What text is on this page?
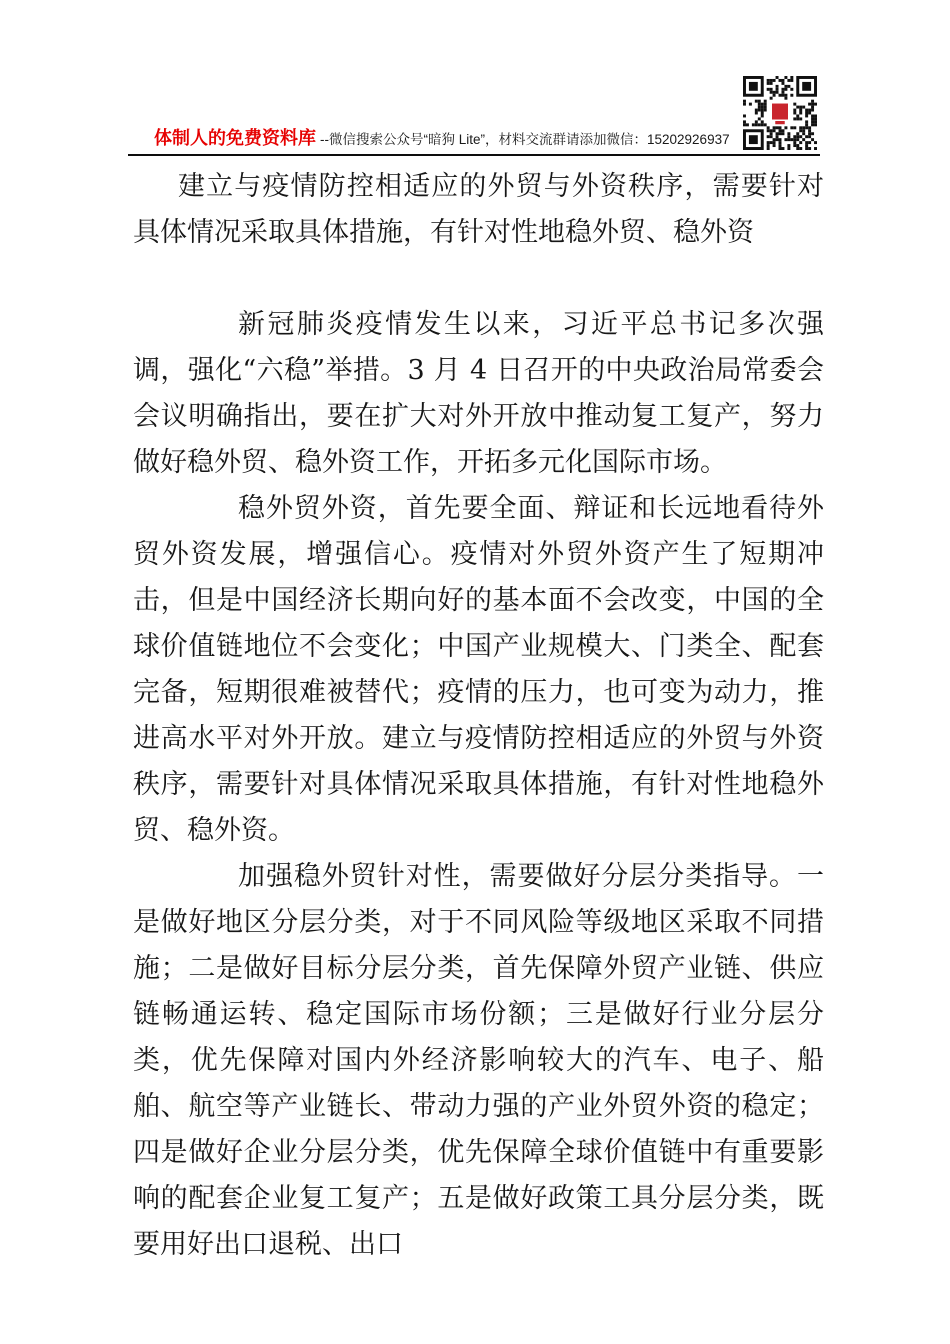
体制人的免费资料库 --微信搜索公众号“暗狗 Lite”，材料交流群请添加微信：15202926937

建立与疫情防控相适应的外贸与外资秩序，需要针对具体情况采取具体措施，有针对性地稳外贸、稳外资

新冠肺炎疫情发生以来，习近平总书记多次强调，强化“六稳”举措。3 月 4 日召开的中央政治局常委会会议明确指出，要在扩大对外开放中推动复工复产，努力做好稳外贸、稳外资工作，开拓多元化国际市场。

稳外贸外资，首先要全面、辩证和长远地看待外贸外资发展，增强信心。疫情对外贸外资产生了短期冲击，但是中国经济长期向好的基本面不会改变，中国的全球价值链地位不会变化；中国产业规模大、门类全、配套完备，短期很难被替代；疫情的压力，也可变为动力，推进高水平对外开放。建立与疫情防控相适应的外贸与外资秩序，需要针对具体情况采取具体措施，有针对性地稳外贸、稳外资。

加强稳外贸针对性，需要做好分层分类指导。一是做好地区分层分类，对于不同风险等级地区采取不同措施；二是做好目标分层分类，首先保障外贸产业链、供应链畅通运转、稳定国际市场份额；三是做好行业分层分类，优先保障对国内外经济影响较大的汽车、电子、船舶、航空等产业链长、带动力强的产业外贸外资的稳定；四是做好企业分层分类，优先保障全球价值链中有重要影响的配套企业复工复产；五是做好政策工具分层分类，既要用好出口退税、出口
